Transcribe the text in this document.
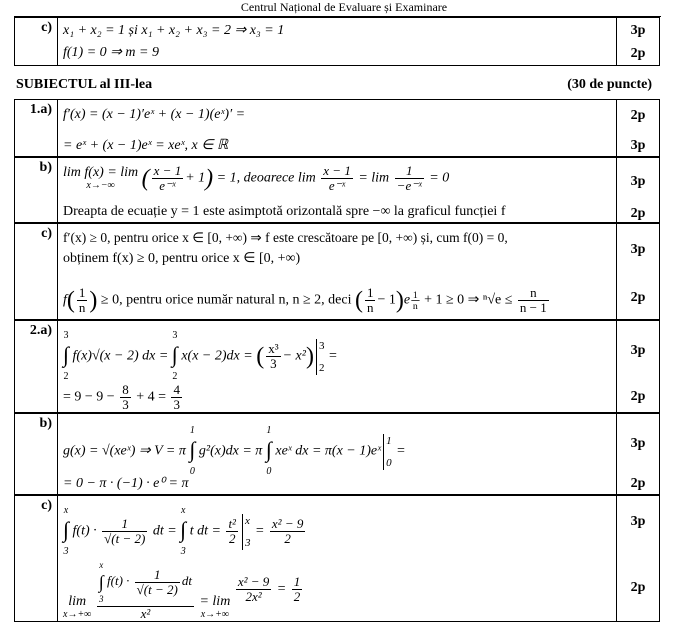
Centrul Național de Evaluare și Examinare
c) x₁ + x₂ = 1 și x₁ + x₂ + x₃ = 2 ⇒ x₃ = 1
f(1) = 0 ⇒ m = 9
3p
2p
SUBIECTUL al III-lea	(30 de puncte)
1.a) f′(x) = (x − 1)′eˣ + (x − 1)(eˣ)′ =
= eˣ + (x − 1)eˣ = xeˣ, x ∈ ℝ
2p
3p
b) lim f(x) = lim
x→−∞	( $\frac{x - 1}{\text{e⁻ˣ}} + 1) = 1$, deoarece $\lim \frac{x - 1}{\text{e⁻ˣ}} = \lim \frac{1}{\text{−e⁻ˣ}} = 0$
Dreapta de ecuație y = 1 este asimptotă orizontală spre −∞ la graficul funcției f
3p
2p
c) f′(x) ≥ 0, pentru orice x ∈ [0, +∞) ⇒ f este crescătoare pe [0, +∞) și, cum f(0) = 0,
obținem f(x) ≥ 0, pentru orice x ∈ [0, +∞)
$f( \frac{1}{n}$ ) ≥ 0, pentru orice număr natural n, n ≥ 2, deci ( $\frac{1}{n} - 1)e \frac{1}{n} + 1 \ge 0$ ⇒ $^n√e \le \frac{n}{n - 1}$
3p
2p
2.a) 3
∫
2
f(x)√(x − 2) dx =
3
∫
2
x(x − 2)dx = ( $\frac{\text{x³}}{3} - x^2$) 3
2
=
= $9 - 9 - \frac{8}{3} + 4 = \frac{4}{3}$
3p
2p
b)
g(x) = √(xeˣ) ⇒ V = π
1
∫
0
g²(x)dx = π
1
∫
0
xeˣ dx = π(x − 1)eˣ
1
0
=
= 0 − π · (−1) · e⁰ = π
3p
2p
c) x
∫
3
$f(t) \cdot \frac{1}{√(t - 2)}$ dt =
x
∫
3
t dt = $\frac{\text{t²}}{2}$ x
3
= $\frac{\text{x² − 9}}{2}$
lim
x→+∞
x
∫
3
$f(t) \cdot \frac{1}{√(t - 2)}$ dt
x² = lim
x→+∞

$\frac{\text{x² − 9}}{\text{2x²}} = \frac{1}{2}$
3p
2p
